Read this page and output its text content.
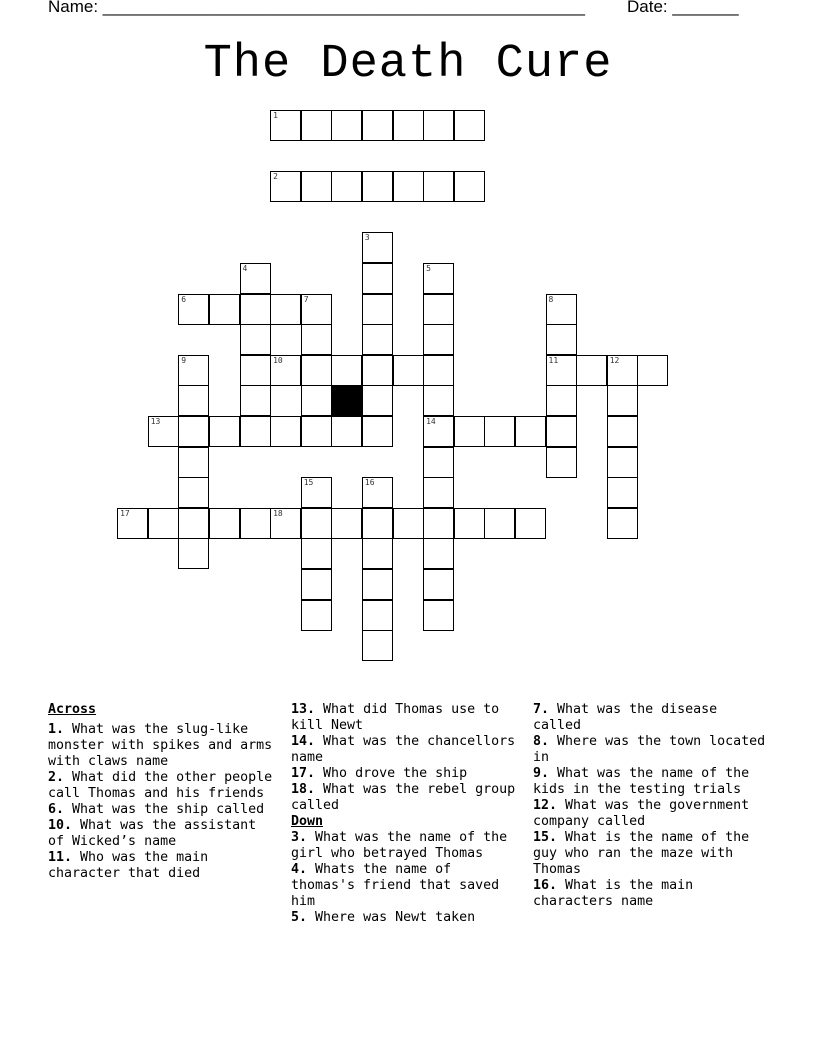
Name: ___________________________________________________ Date: _______
The Death Cure
1
2
3
4	5
14
6	7	8
11
9	10	12
13
15	16
17	18
Across
1. What was the slug-like monster with spikes and arms with claws name
2. What did the other people call Thomas and his friends
6. What was the ship called
10. What was the assistant of Wicked’s name
11. Who was the main character that died
13. What did Thomas use to kill Newt
14. What was the chancellors name
17. Who drove the ship
18. What was the rebel group called
Down
3. What was the name of the girl who betrayed Thomas
4. Whats the name of thomas's friend that saved him
5. Where was Newt taken
7. What was the disease called
8. Where was the town located in
9. What was the name of the kids in the testing trials
12. What was the government company called
15. What is the name of the guy who ran the maze with Thomas
16. What is the main characters name
